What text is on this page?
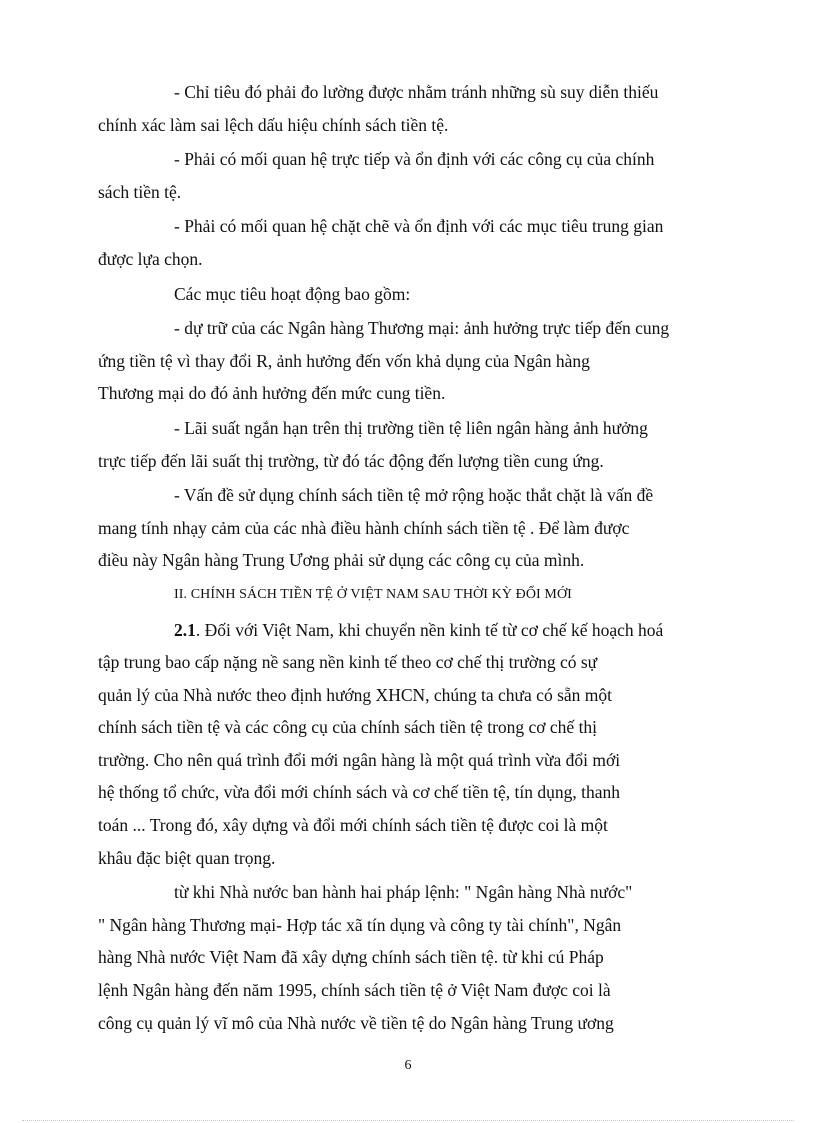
- Chỉ tiêu đó phải đo lường được nhằm tránh những sù suy diễn thiếu
chính xác làm sai lệch dấu hiệu chính sách tiền tệ.

- Phải có mối quan hệ trực tiếp và ổn định với các công cụ của chính
sách tiền tệ.

- Phải có mối quan hệ chặt chẽ và ổn định với các mục tiêu trung gian
được lựa chọn.

Các mục tiêu hoạt động bao gồm:

- dự trữ của các Ngân hàng Thương mại: ảnh hưởng trực tiếp đến cung
ứng tiền tệ vì thay đổi R, ảnh hưởng đến vốn khả dụng của Ngân hàng
Thương mại do đó ảnh hưởng đến mức cung tiền.

- Lãi suất ngắn hạn trên thị trường tiền tệ liên ngân hàng ảnh hưởng
trực tiếp đến lãi suất thị trường, từ đó tác động đến lượng tiền cung ứng.

- Vấn đề sử dụng chính sách tiền tệ mở rộng hoặc thắt chặt là vấn đề
mang tính nhạy cảm của các nhà điều hành chính sách tiền tệ . Để làm được
điều này Ngân hàng Trung Ương phải sử dụng các công cụ của mình.

II. CHÍNH SÁCH TIỀN TỆ Ở VIỆT NAM SAU THỜI KỲ ĐỔI MỚI

2.1. Đối với Việt Nam, khi chuyển nền kinh tế từ cơ chế kế hoạch hoá
tập trung bao cấp nặng nề sang nền kinh tế theo cơ chế thị trường có sự
quản lý của Nhà nước theo định hướng XHCN, chúng ta chưa có sẵn một
chính sách tiền tệ và các công cụ của chính sách tiền tệ trong cơ chế thị
trường. Cho nên quá trình đổi mới ngân hàng là một quá trình vừa đổi mới
hệ thống tổ chức, vừa đổi mới chính sách và cơ chế tiền tệ, tín dụng, thanh
toán ... Trong đó, xây dựng và đổi mới chính sách tiền tệ được coi là một
khâu đặc biệt quan trọng.

từ khi Nhà nước ban hành hai pháp lệnh: " Ngân hàng Nhà nước"
" Ngân hàng Thương mại- Hợp tác xã tín dụng và công ty tài chính", Ngân
hàng Nhà nước Việt Nam đã xây dựng chính sách tiền tệ. từ khi cú Pháp
lệnh Ngân hàng đến năm 1995, chính sách tiền tệ ở Việt Nam được coi là
công cụ quản lý vĩ mô của Nhà nước về tiền tệ do Ngân hàng Trung ương

6
